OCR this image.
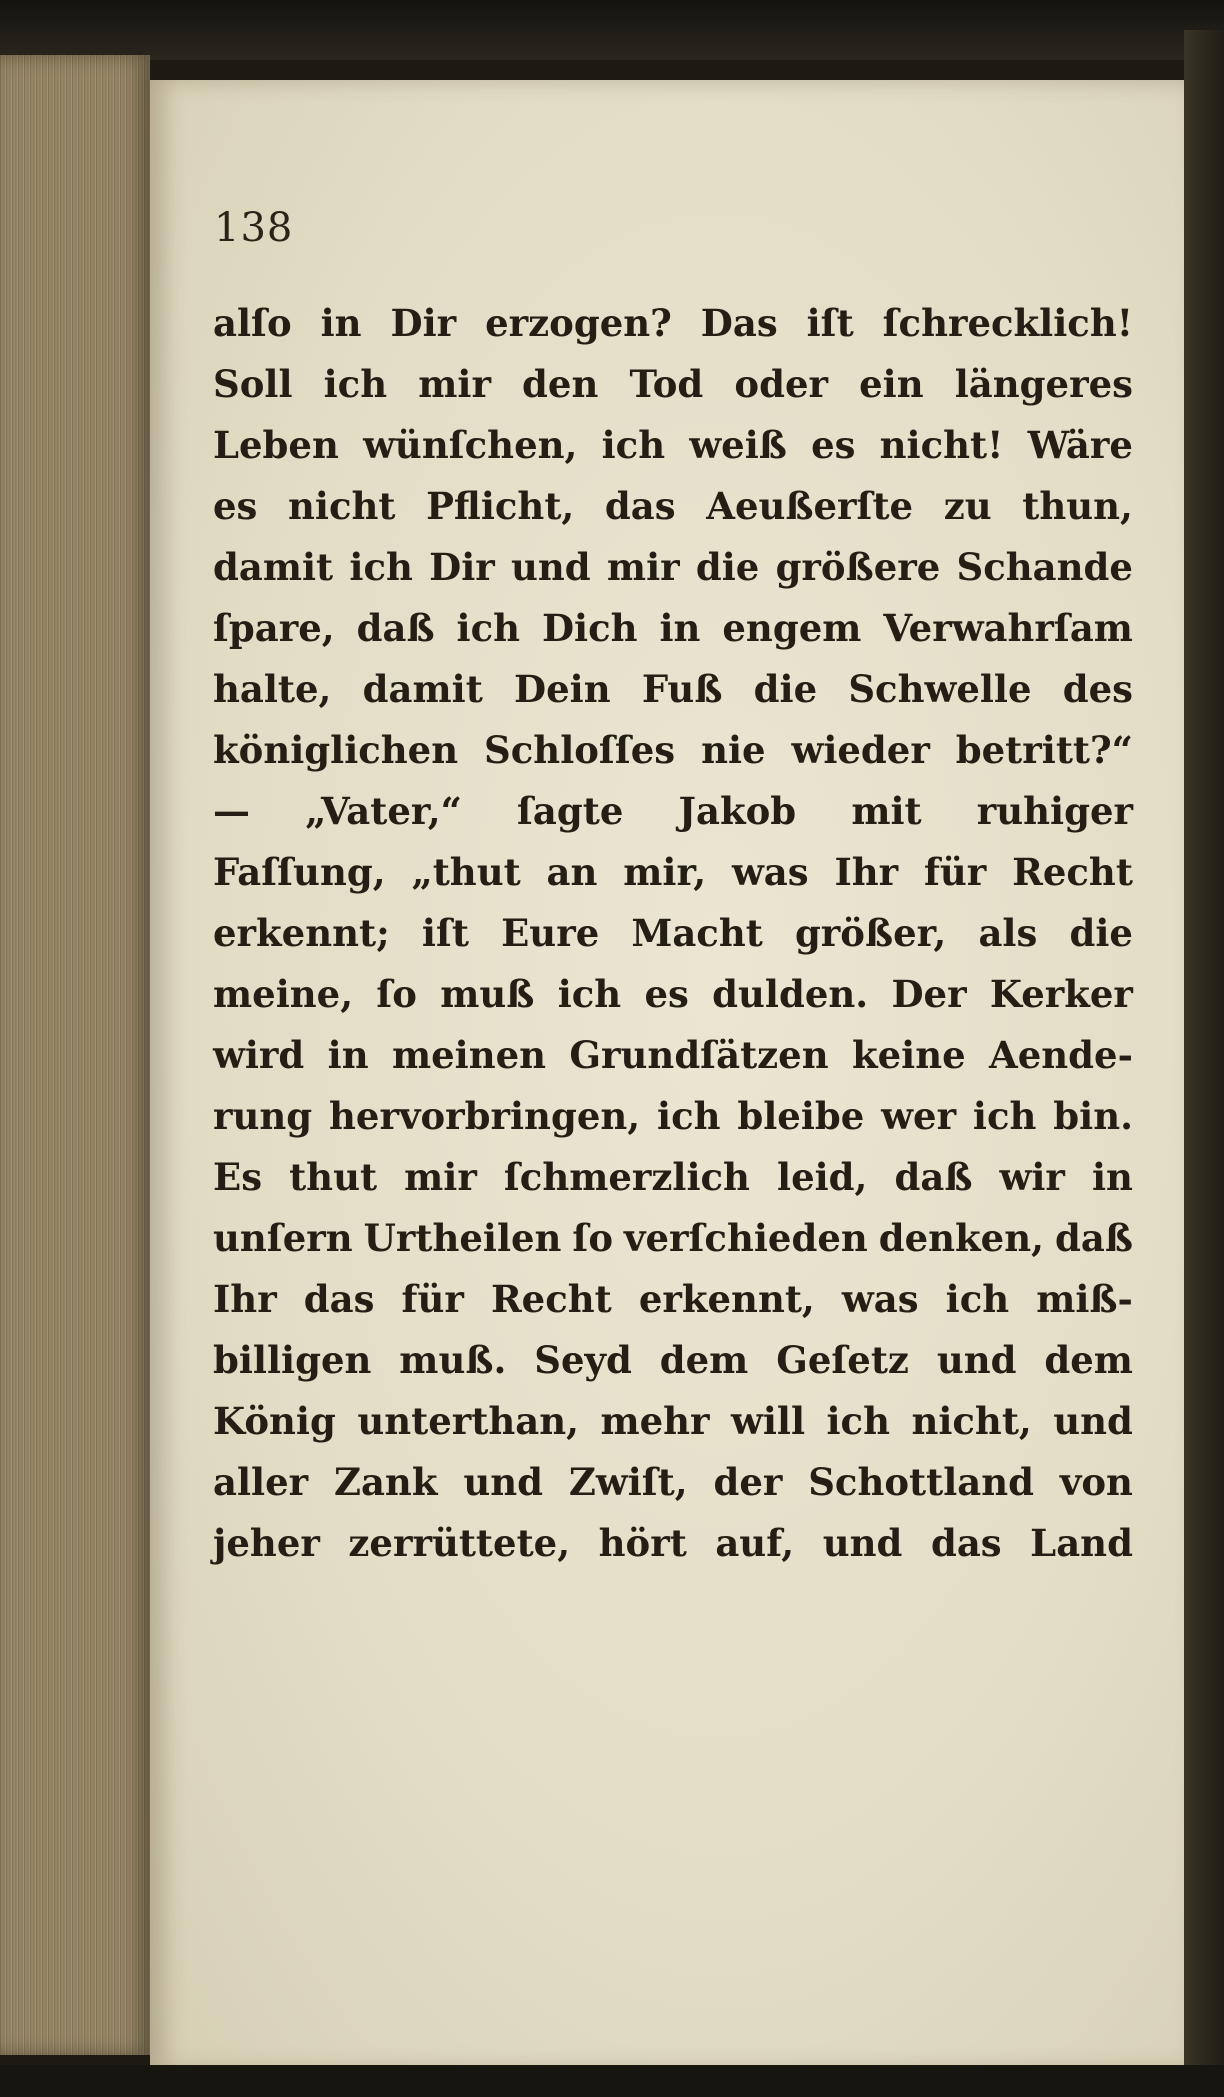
138
alſo in Dir erzogen? Das iſt ſchrecklich!
Soll ich mir den Tod oder ein längeres
Leben wünſchen, ich weiß es nicht! Wäre
es nicht Pflicht, das Aeußerſte zu thun,
damit ich Dir und mir die größere Schande
ſpare, daß ich Dich in engem Verwahrſam
halte, damit Dein Fuß die Schwelle des
königlichen Schloſſes nie wieder betritt?“
— „Vater,“ ſagte Jakob mit ruhiger
Faſſung, „thut an mir, was Ihr für Recht
erkennt; iſt Eure Macht größer, als die
meine, ſo muß ich es dulden. Der Kerker
wird in meinen Grundſätzen keine Aende-
rung hervorbringen, ich bleibe wer ich bin.
Es thut mir ſchmerzlich leid, daß wir in
unſern Urtheilen ſo verſchieden denken, daß
Ihr das für Recht erkennt, was ich miß-
billigen muß. Seyd dem Geſetz und dem
König unterthan, mehr will ich nicht, und
aller Zank und Zwiſt, der Schottland von
jeher zerrüttete, hört auf, und das Land
